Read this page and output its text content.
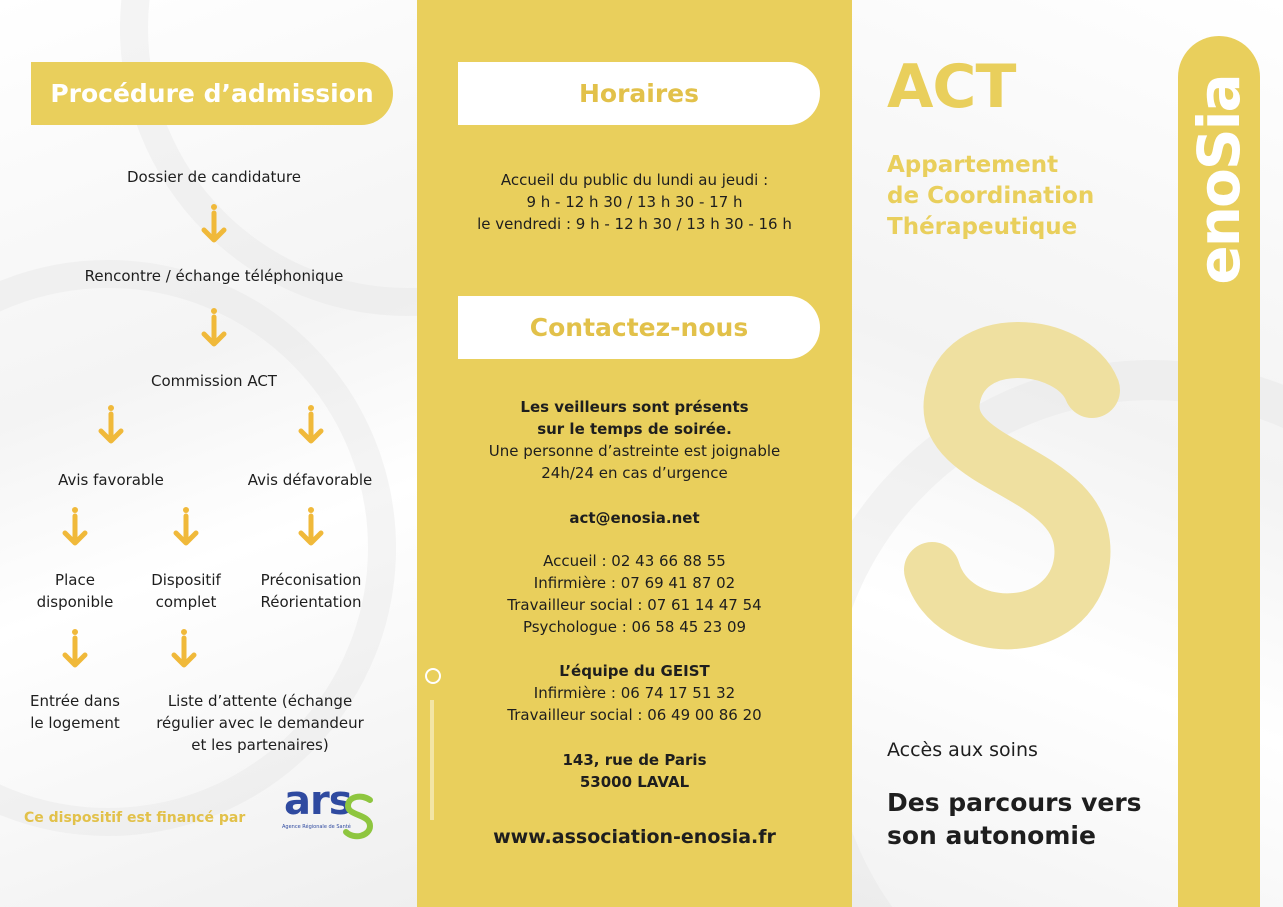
Procédure d’admission
Dossier de candidature
Rencontre / échange téléphonique
Commission ACT
Avis favorable	Avis défavorable
Place
disponible
Dispositif
complet
Préconisation
Réorientation
Entrée dans
le logement
Liste d’attente (échange
régulier avec le demandeur
et les partenaires)
Ce dispositif est financé par ars
Agence Régionale de Santé
Horaires
Accueil du public du lundi au jeudi :
9 h - 12 h 30 / 13 h 30 - 17 h
le vendredi : 9 h - 12 h 30 / 13 h 30 - 16 h
Contactez-nous
Les veilleurs sont présents
sur le temps de soirée.
Une personne d’astreinte est joignable
24h/24 en cas d’urgence
act@enosia.net
Accueil : 02 43 66 88 55
Infirmière : 07 69 41 87 02
Travailleur social : 07 61 14 47 54
Psychologue : 06 58 45 23 09
L’équipe du GEIST
Infirmière : 06 74 17 51 32
Travailleur social : 06 49 00 86 20
143, rue de Paris
53000 LAVAL
www.association-enosia.fr
ACT
Appartement
de Coordination
Thérapeutique enoSia
Accès aux soins
Des parcours vers
son autonomie
